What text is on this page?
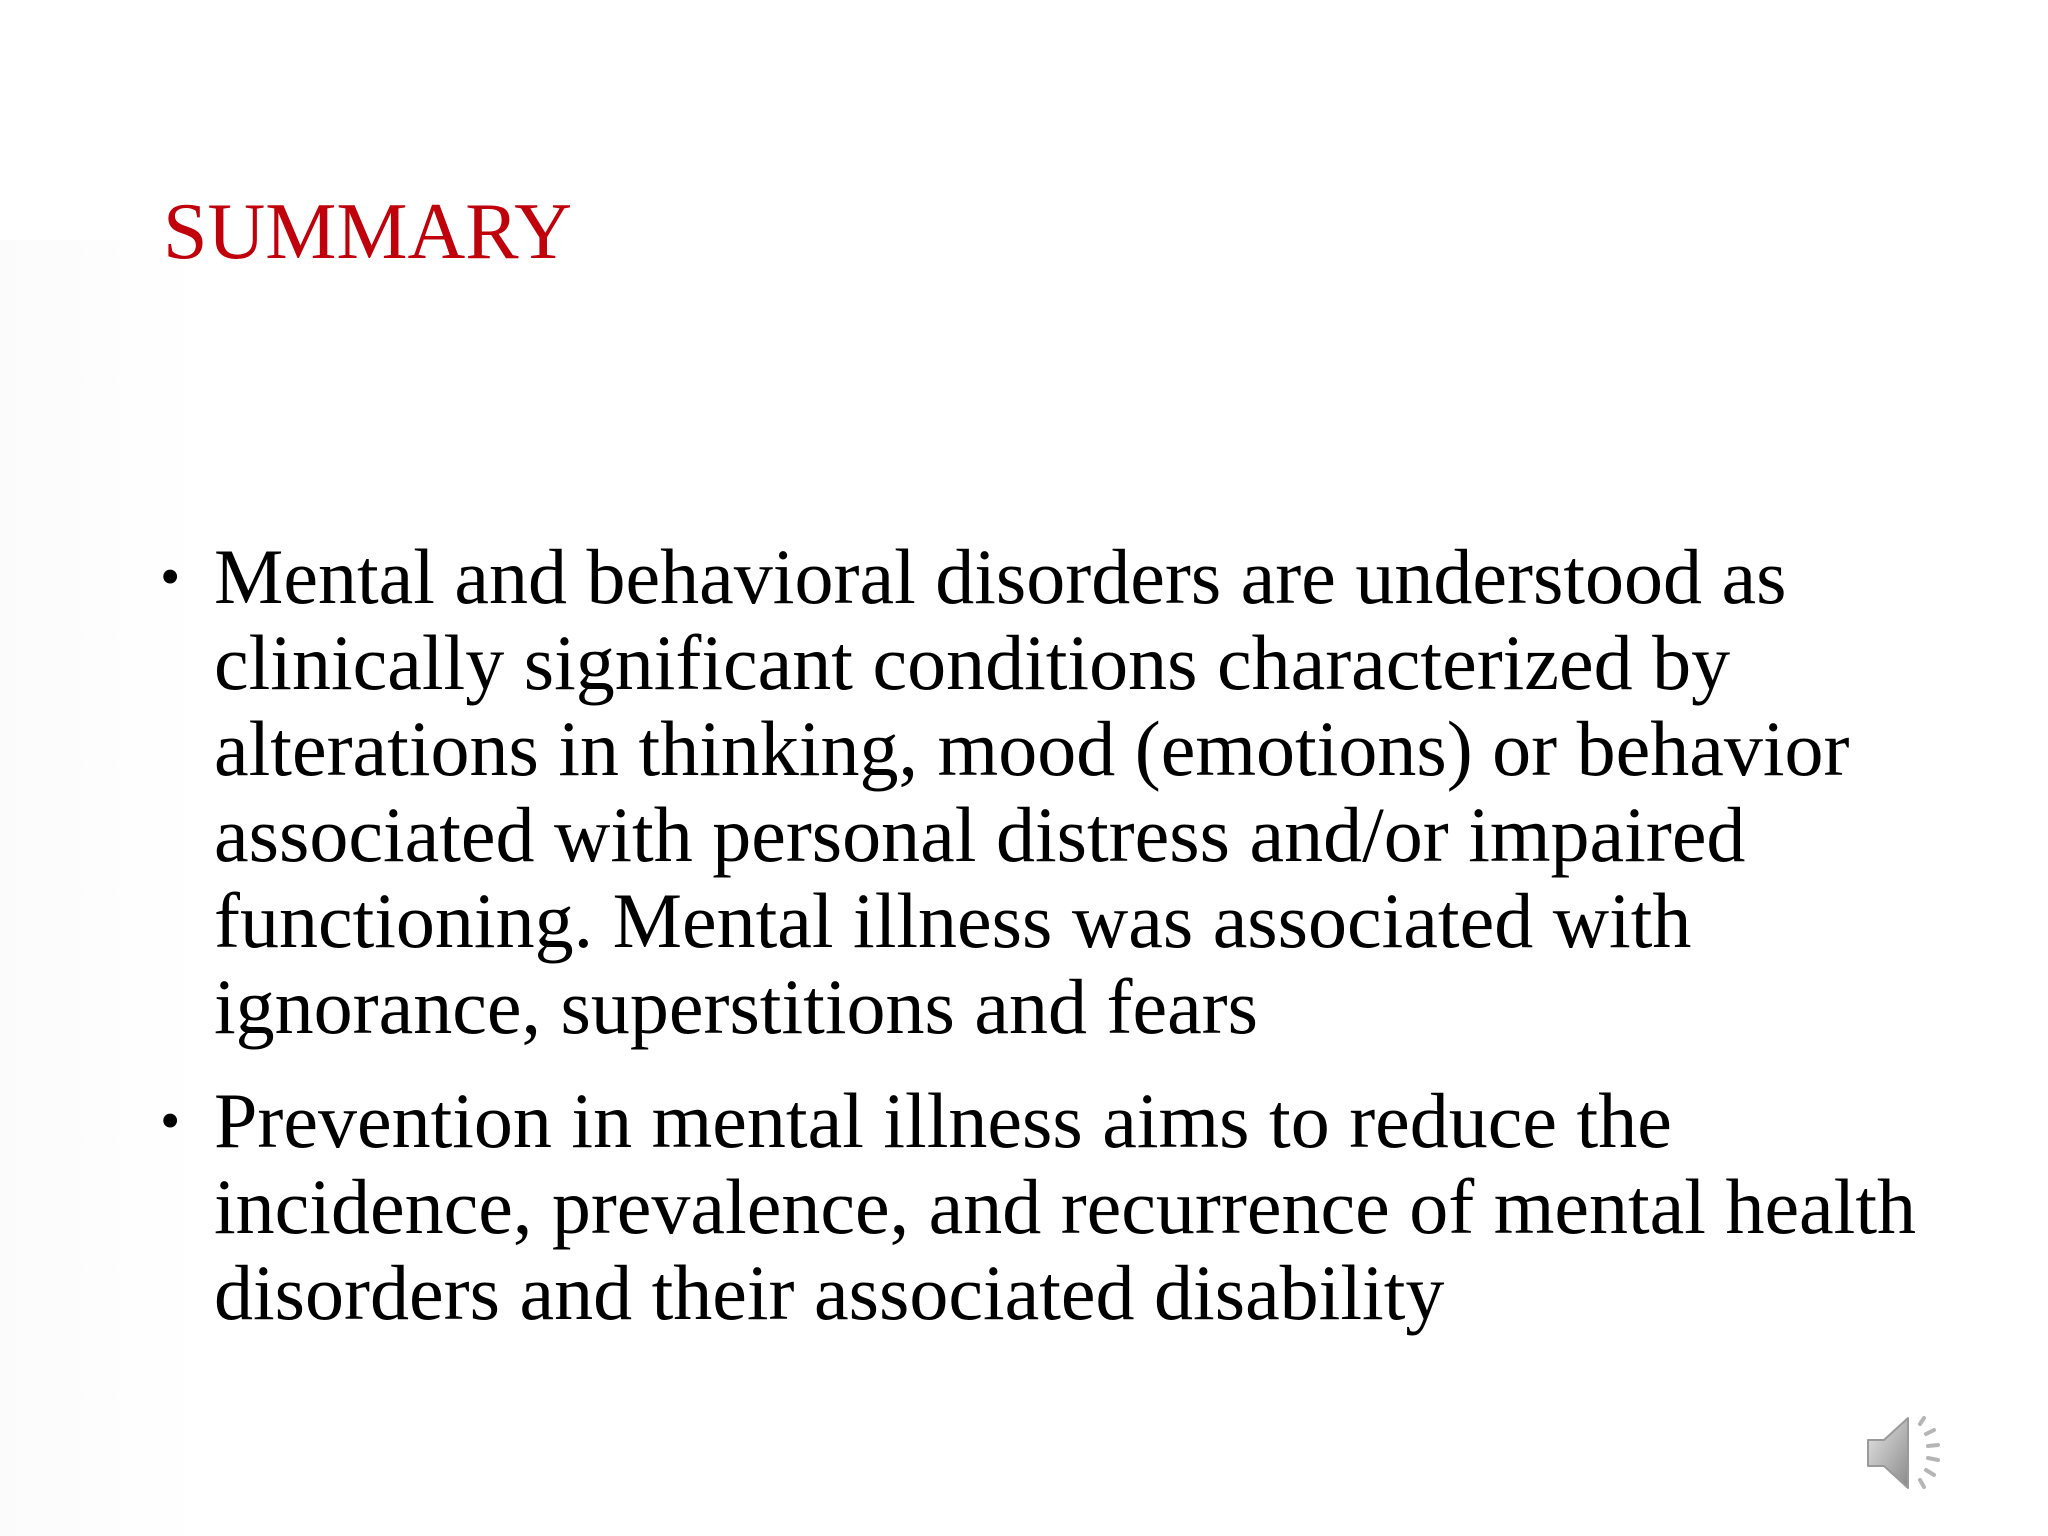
SUMMARY
• Mental and behavioral disorders are understood as clinically significant conditions characterized by alterations in thinking, mood (emotions) or behavior associated with personal distress and/or impaired functioning. Mental illness was associated with ignorance, superstitions and fears
• Prevention in mental illness aims to reduce the incidence, prevalence, and recurrence of mental health disorders and their associated disability
